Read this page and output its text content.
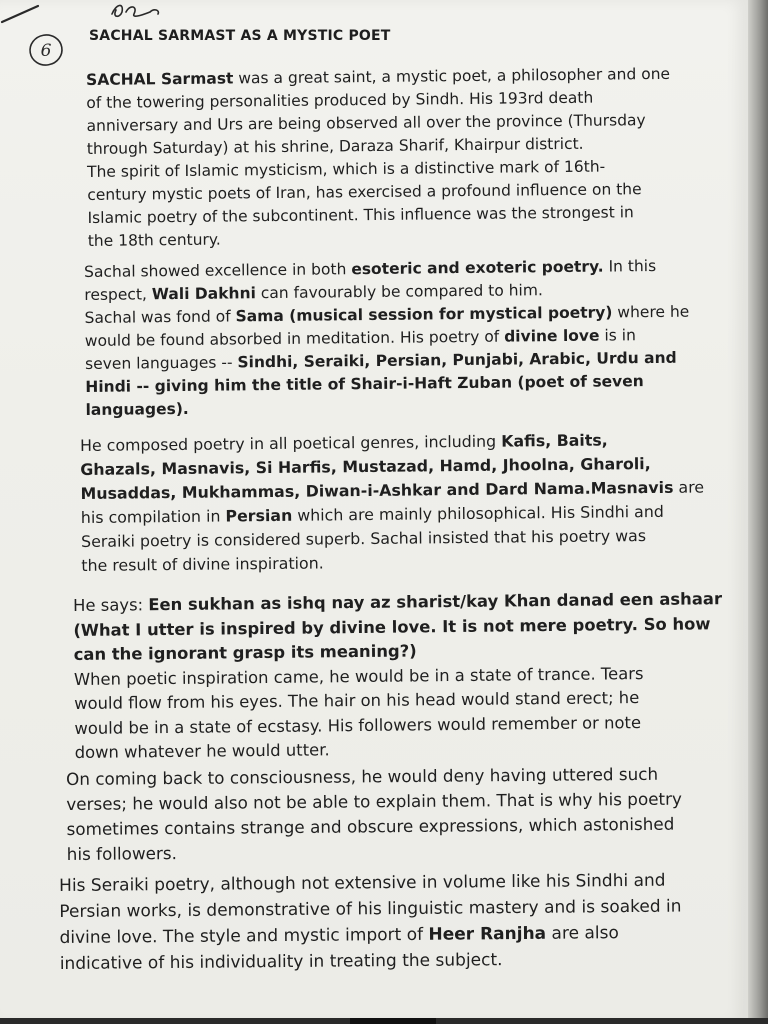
6
SACHAL SARMAST AS A MYSTIC POET

SACHAL Sarmast was a great saint, a mystic poet, a philosopher and one
of the towering personalities produced by Sindh. His 193rd death
anniversary and Urs are being observed all over the province (Thursday
through Saturday) at his shrine, Daraza Sharif, Khairpur district.
The spirit of Islamic mysticism, which is a distinctive mark of 16th-
century mystic poets of Iran, has exercised a profound influence on the
Islamic poetry of the subcontinent. This influence was the strongest in
the 18th century.

Sachal showed excellence in both esoteric and exoteric poetry. In this
respect, Wali Dakhni can favourably be compared to him.
Sachal was fond of Sama (musical session for mystical poetry) where he
would be found absorbed in meditation. His poetry of divine love is in
seven languages -- Sindhi, Seraiki, Persian, Punjabi, Arabic, Urdu and
Hindi -- giving him the title of Shair-i-Haft Zuban (poet of seven
languages).

He composed poetry in all poetical genres, including Kafis, Baits,
Ghazals, Masnavis, Si Harfis, Mustazad, Hamd, Jhoolna, Gharoli,
Musaddas, Mukhammas, Diwan-i-Ashkar and Dard Nama.Masnavis are
his compilation in Persian which are mainly philosophical. His Sindhi and
Seraiki poetry is considered superb. Sachal insisted that his poetry was
the result of divine inspiration.

He says: Een sukhan as ishq nay az sharist/kay Khan danad een ashaar
(What I utter is inspired by divine love. It is not mere poetry. So how
can the ignorant grasp its meaning?)
When poetic inspiration came, he would be in a state of trance. Tears
would flow from his eyes. The hair on his head would stand erect; he
would be in a state of ecstasy. His followers would remember or note
down whatever he would utter.

On coming back to consciousness, he would deny having uttered such
verses; he would also not be able to explain them. That is why his poetry
sometimes contains strange and obscure expressions, which astonished
his followers.

His Seraiki poetry, although not extensive in volume like his Sindhi and
Persian works, is demonstrative of his linguistic mastery and is soaked in
divine love. The style and mystic import of Heer Ranjha are also
indicative of his individuality in treating the subject.
